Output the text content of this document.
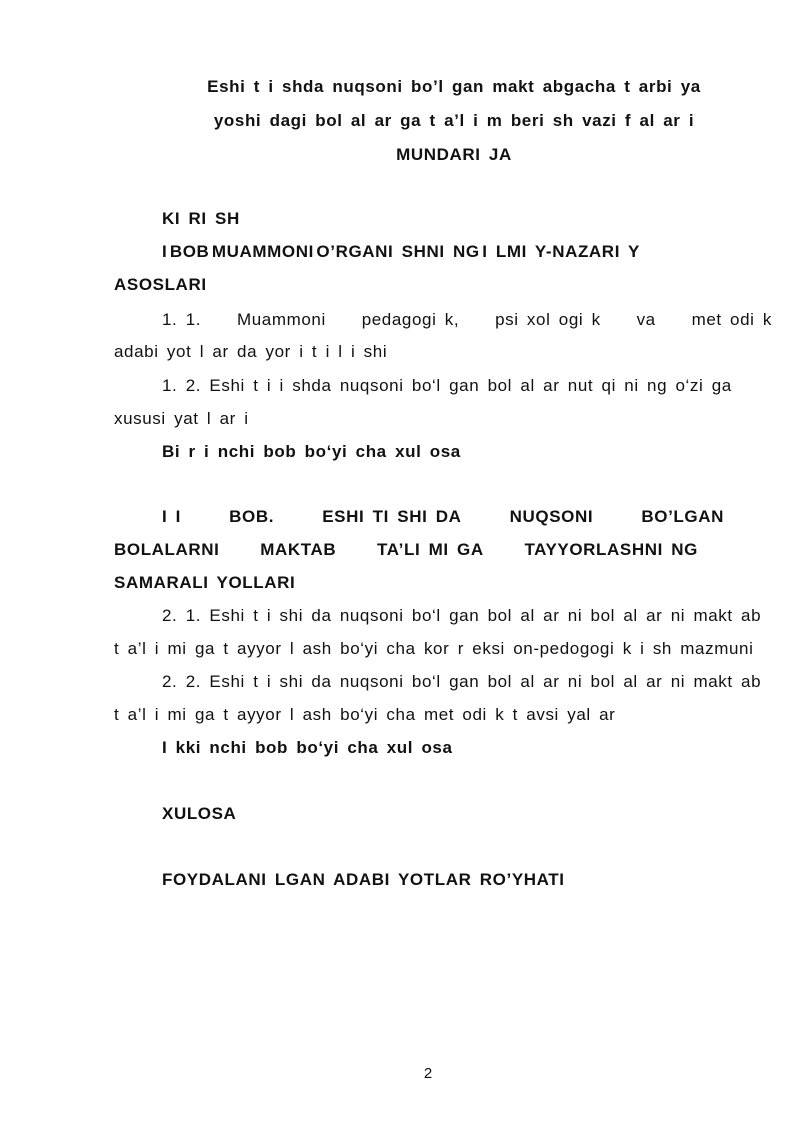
Eshi t i shda nuqsoni bo’l gan makt abgacha t arbi ya
yoshi dagi bol al ar ga t a’l i m beri sh vazi f al ar i
MUNDARI JA
KI RI SH
I BOB MUAMMONI O’RGANI SHNI NG I LMI Y-NAZARI Y
ASOSLARI
1. 1. Muammoni pedagogi k, psi xol ogi k va met odi k
adabi yot l ar da yor i t i l i shi
1. 2. Eshi t i i shda nuqsoni bo‘l gan bol al ar nut qi ni ng o‘zi ga
xususi yat l ar i
Bi r i nchi bob bo‘yi cha xul osa
I I	BOB.	ESHI TI SHI DA	NUQSONI	BO’LGAN
BOLALARNI MAKTAB TA’LI MI GA TAYYORLASHNI NG
SAMARALI YOLLARI
2. 1. Eshi t i shi da nuqsoni bo‘l gan bol al ar ni bol al ar ni makt ab
t a’l i mi ga t ayyor l ash bo‘yi cha kor r eksi on-pedogogi k i sh mazmuni
2. 2. Eshi t i shi da nuqsoni bo‘l gan bol al ar ni bol al ar ni makt ab
t a’l i mi ga t ayyor l ash bo‘yi cha met odi k t avsi yal ar
I kki nchi bob bo‘yi cha xul osa
XULOSA
FOYDALANI LGAN ADABI YOTLAR RO’YHATI
2
